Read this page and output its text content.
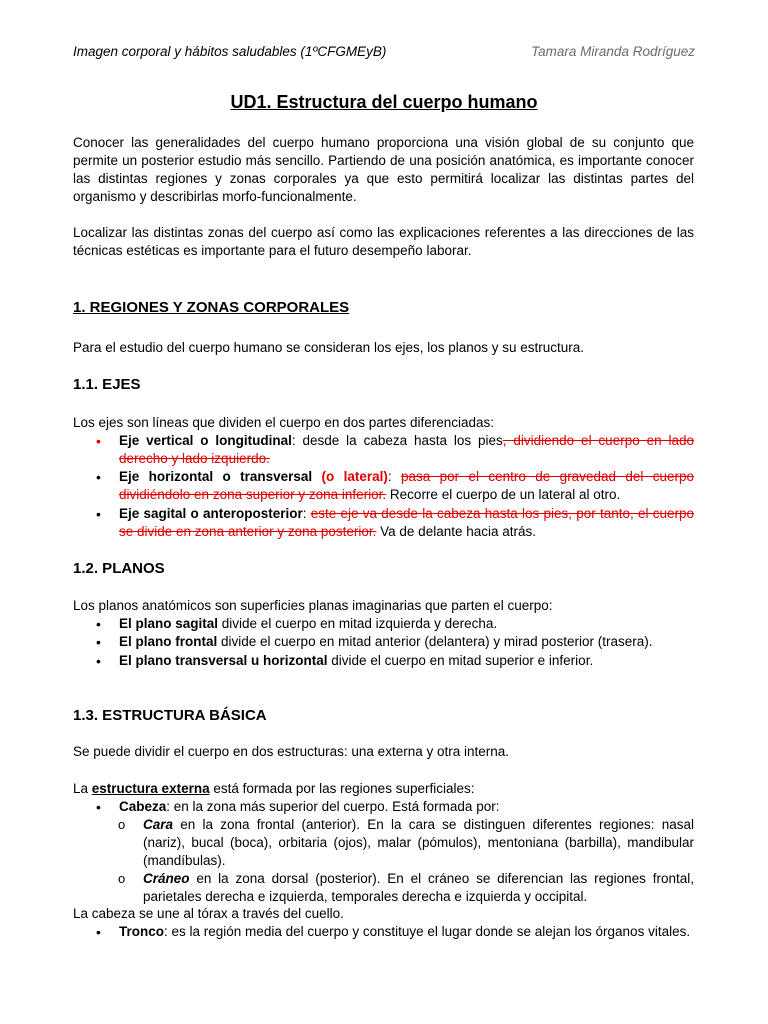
Imagen corporal y hábitos saludables (1ºCFGMEyB)	Tamara Miranda Rodríguez
UD1. Estructura del cuerpo humano

Conocer las generalidades del cuerpo humano proporciona una visión global de su conjunto que permite un posterior estudio más sencillo. Partiendo de una posición anatómica, es importante conocer las distintas regiones y zonas corporales ya que esto permitirá localizar las distintas partes del organismo y describirlas morfo-funcionalmente.

Localizar las distintas zonas del cuerpo así como las explicaciones referentes a las direcciones de las técnicas estéticas es importante para el futuro desempeño laborar.

1. REGIONES Y ZONAS CORPORALES

Para el estudio del cuerpo humano se consideran los ejes, los planos y su estructura.

1.1. EJES

Los ejes son líneas que dividen el cuerpo en dos partes diferenciadas:

• Eje vertical o longitudinal: desde la cabeza hasta los pies, dividiendo el cuerpo en lado derecho y lado izquierdo.

• Eje horizontal o transversal (o lateral): pasa por el centro de gravedad del cuerpo dividiéndolo en zona superior y zona inferior. Recorre el cuerpo de un lateral al otro.

• Eje sagital o anteroposterior: este eje va desde la cabeza hasta los pies, por tanto, el cuerpo se divide en zona anterior y zona posterior. Va de delante hacia atrás.

1.2. PLANOS

Los planos anatómicos son superficies planas imaginarias que parten el cuerpo:

• El plano sagital divide el cuerpo en mitad izquierda y derecha.

• El plano frontal divide el cuerpo en mitad anterior (delantera) y mirad posterior (trasera).

• El plano transversal u horizontal divide el cuerpo en mitad superior e inferior.

1.3. ESTRUCTURA BÁSICA

Se puede dividir el cuerpo en dos estructuras: una externa y otra interna.

La estructura externa está formada por las regiones superficiales:

• Cabeza: en la zona más superior del cuerpo. Está formada por:

o Cara en la zona frontal (anterior). En la cara se distinguen diferentes regiones: nasal (nariz), bucal (boca), orbitaria (ojos), malar (pómulos), mentoniana (barbilla), mandibular (mandíbulas).

o Cráneo en la zona dorsal (posterior). En el cráneo se diferencian las regiones frontal, parietales derecha e izquierda, temporales derecha e izquierda y occipital.

La cabeza se une al tórax a través del cuello.

• Tronco: es la región media del cuerpo y constituye el lugar donde se alejan los órganos vitales.
